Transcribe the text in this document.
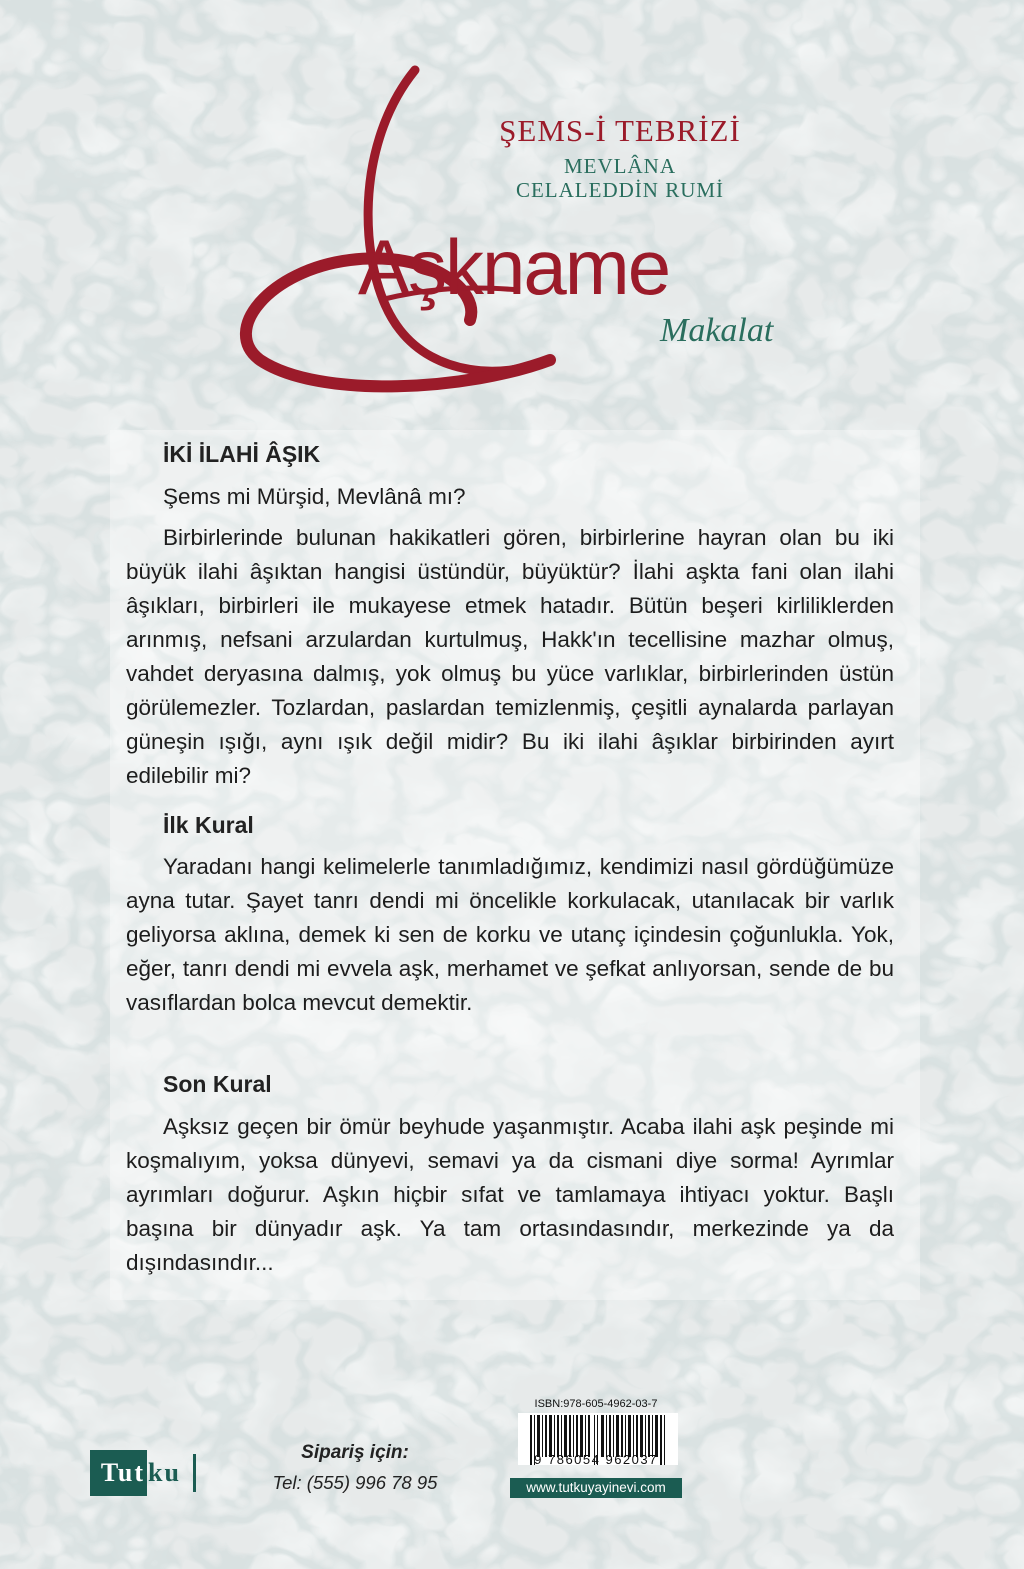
ŞEMS-İ TEBRİZİ
MEVLÂNA
CELALEDDİN RUMİ
Aşkname
Makalat
İKİ İLAHİ ÂŞIK
Şems mi Mürşid, Mevlânâ mı?
Birbirlerinde bulunan hakikatleri gören, birbirlerine hayran olan bu iki büyük ilahi âşıktan hangisi üstündür, büyüktür? İlahi aşkta fani olan ilahi âşıkları, birbirleri ile mukayese etmek hatadır. Bütün beşeri kirliliklerden arınmış, nefsani arzulardan kurtulmuş, Hakk'ın tecellisine mazhar olmuş, vahdet deryasına dalmış, yok olmuş bu yüce varlıklar, birbirlerinden üstün görülemezler. Tozlardan, paslardan temizlenmiş, çeşitli aynalarda parlayan güneşin ışığı, aynı ışık değil midir? Bu iki ilahi âşıklar birbirinden ayırt edilebilir mi?
İlk Kural
Yaradanı hangi kelimelerle tanımladığımız, kendimizi nasıl gördüğümüze ayna tutar. Şayet tanrı dendi mi öncelikle korkulacak, utanılacak bir varlık geliyorsa aklına, demek ki sen de korku ve utanç içindesin çoğunlukla. Yok, eğer, tanrı dendi mi evvela aşk, merhamet ve şefkat anlıyorsan, sende de bu vasıflardan bolca mevcut demektir.
Son Kural
Aşksız geçen bir ömür beyhude yaşanmıştır. Acaba ilahi aşk peşinde mi koşmalıyım, yoksa dünyevi, semavi ya da cismani diye sorma! Ayrımlar ayrımları doğurur. Aşkın hiçbir sıfat ve tamlamaya ihtiyacı yoktur. Başlı başına bir dünyadır aşk. Ya tam ortasındasındır, merkezinde ya da dışındasındır...
Tut ku
Sipariş için:
Tel: (555) 996 78 95
ISBN:978-605-4962-03-7
9 786054 962037
www.tutkuyayinevi.com
